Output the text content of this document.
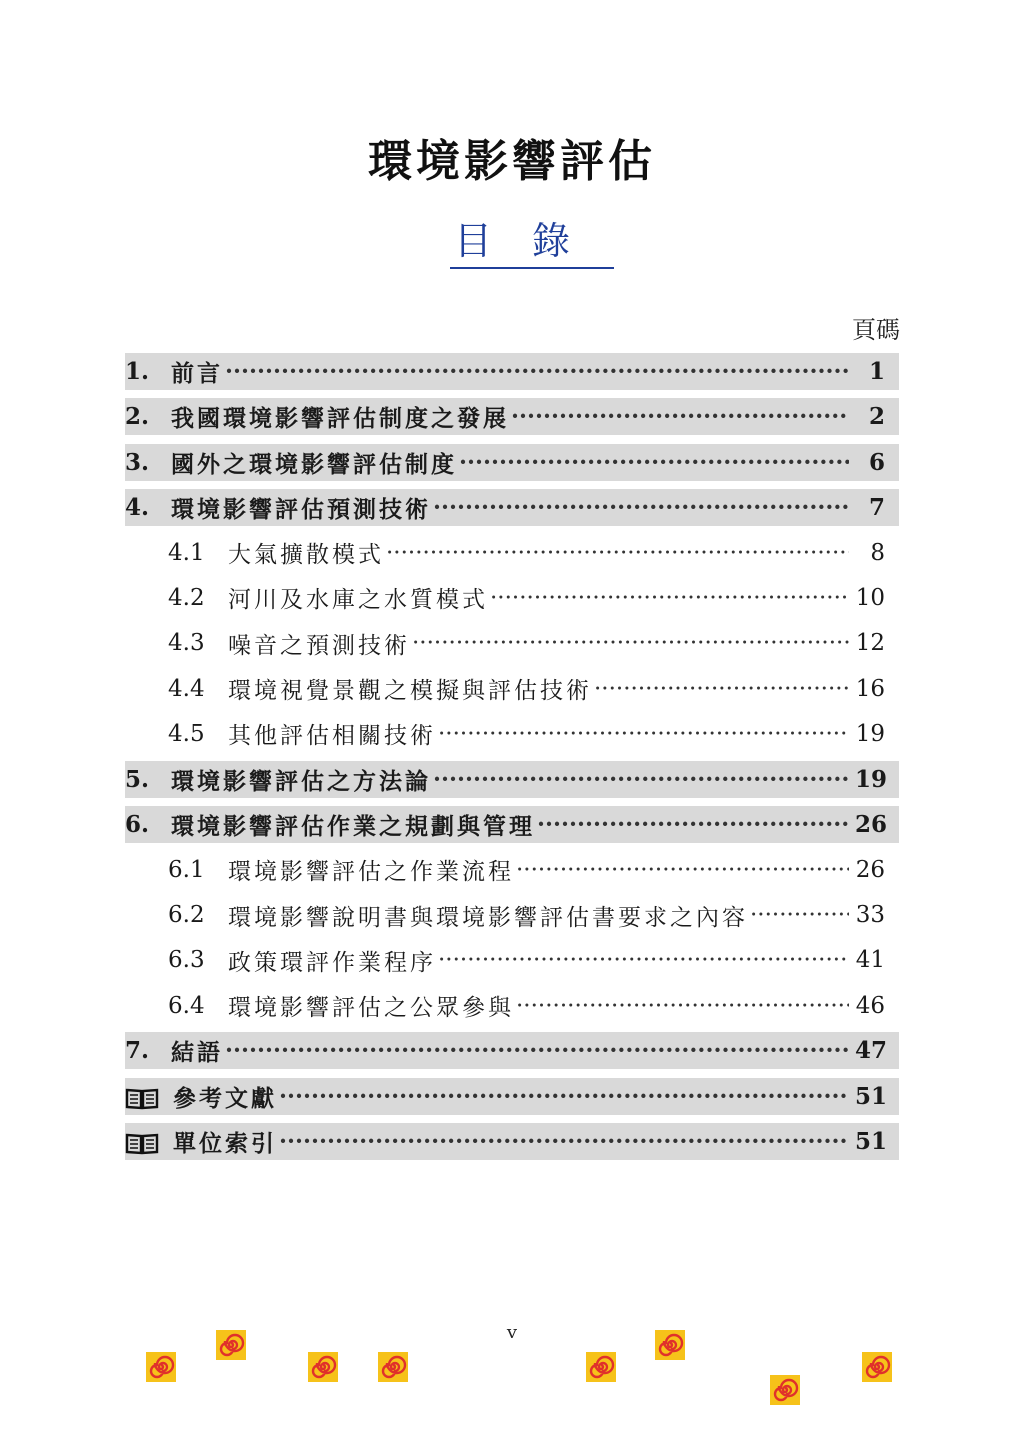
環境影響評估
目錄
頁碼
1. 前言 ·····	1
2. 我國環境影響評估制度之發展 ·····	2
3. 國外之環境影響評估制度 ·····	6
4. 環境影響評估預測技術 ·····	7
4.1	大氣擴散模式 ·····	8
4.2	河川及水庫之水質模式 ·····	10
4.3	噪音之預測技術 ·····	12
4.4	環境視覺景觀之模擬與評估技術 ·····	16
4.5	其他評估相關技術 ·····	19
5. 環境影響評估之方法論 ·····	19
6. 環境影響評估作業之規劃與管理 ·····	26
6.1	環境影響評估之作業流程 ·····	26
6.2	環境影響說明書與環境影響評估書要求之內容 ·····	33
6.3	政策環評作業程序 ·····	41
6.4	環境影響評估之公眾參與 ·····	46
7. 結語 ·····	47
參考文獻 ·····	51
單位索引 ·····	51
v
